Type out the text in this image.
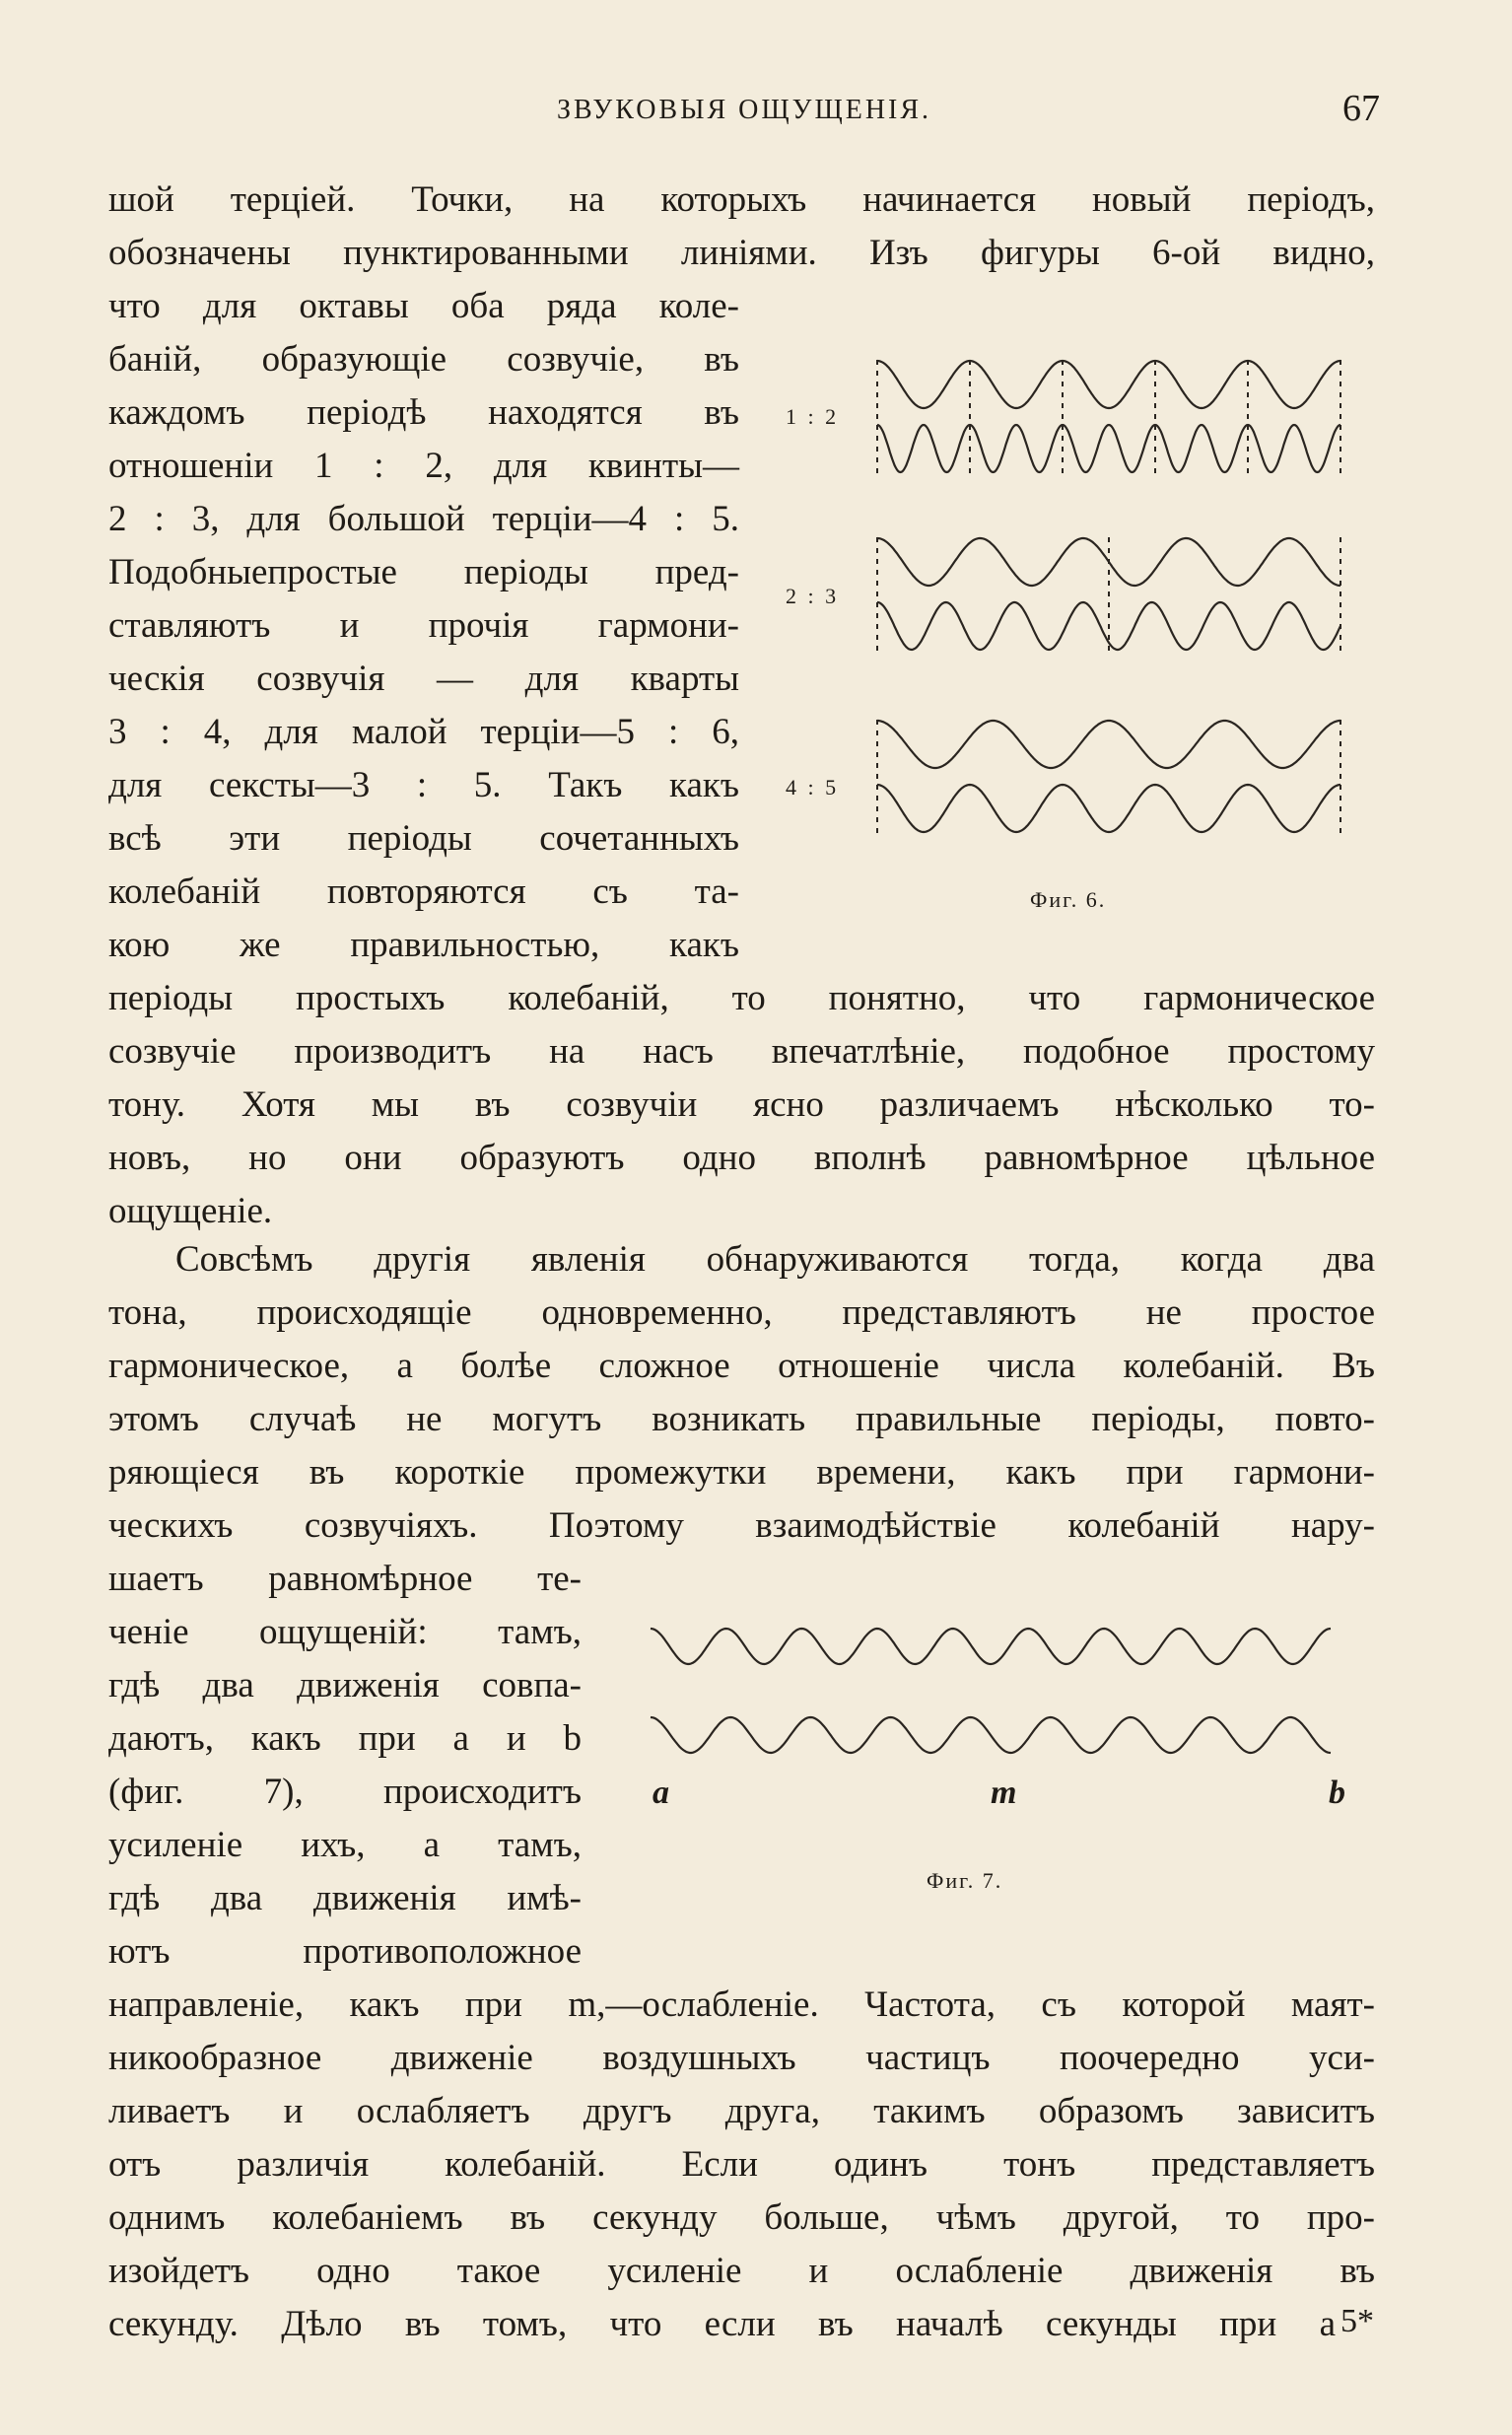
ЗВУКОВЫЯ ОЩУЩЕНІЯ.	67
шой терціей. Точки, на которыхъ начинается новый періодъ,
обозначены пунктированными линіями. Изъ фигуры 6-ой видно,
что для октавы оба ряда коле-
баній, образующіе созвучіе, въ
каждомъ періодѣ находятся въ
отношеніи 1 : 2, для квинты—
2 : 3, для большой терціи—4 : 5.
Подобныепростые періоды пред-
ставляютъ и прочія гармони-
ческія созвучія — для кварты
3 : 4, для малой терціи—5 : 6,
для сексты—3 : 5. Такъ какъ
всѣ эти періоды сочетанныхъ
колебаній повторяются съ та-
кою же правильностью, какъ
періоды простыхъ колебаній, то понятно, что гармоническое
созвучіе производитъ на насъ впечатлѣніе, подобное простому
тону. Хотя мы въ созвучіи ясно различаемъ нѣсколько то-
новъ, но они образуютъ одно вполнѣ равномѣрное цѣльное
ощущеніе.
1 : 2
2 : 3
4 : 5
Фиг. 6.
Совсѣмъ другія явленія обнаруживаются тогда, когда два
тона, происходящіе одновременно, представляютъ не простое
гармоническое, а болѣе сложное отношеніе числа колебаній. Въ
этомъ случаѣ не могутъ возникать правильные періоды, повто-
ряющіеся въ короткіе промежутки времени, какъ при гармони-
ческихъ созвучіяхъ. Поэтому взаимодѣйствіе колебаній нару-
шаетъ равномѣрное те-
ченіе ощущеній: тамъ,
гдѣ два движенія совпа-
даютъ, какъ при а и b
(фиг. 7), происходитъ
усиленіе ихъ, а тамъ,
гдѣ два движенія имѣ-
ютъ противоположное
направленіе, какъ при m,—ослабленіе. Частота, съ которой маят-
никообразное движеніе воздушныхъ частицъ поочередно уси-
ливаетъ и ослабляетъ другъ друга, такимъ образомъ зависитъ
отъ различія колебаній. Если одинъ тонъ представляетъ
однимъ колебаніемъ въ секунду больше, чѣмъ другой, то про-
изойдетъ одно такое усиленіе и ослабленіе движенія въ
секунду. Дѣло въ томъ, что если въ началѣ секунды при а
a	m	b
Фиг. 7.
5*
